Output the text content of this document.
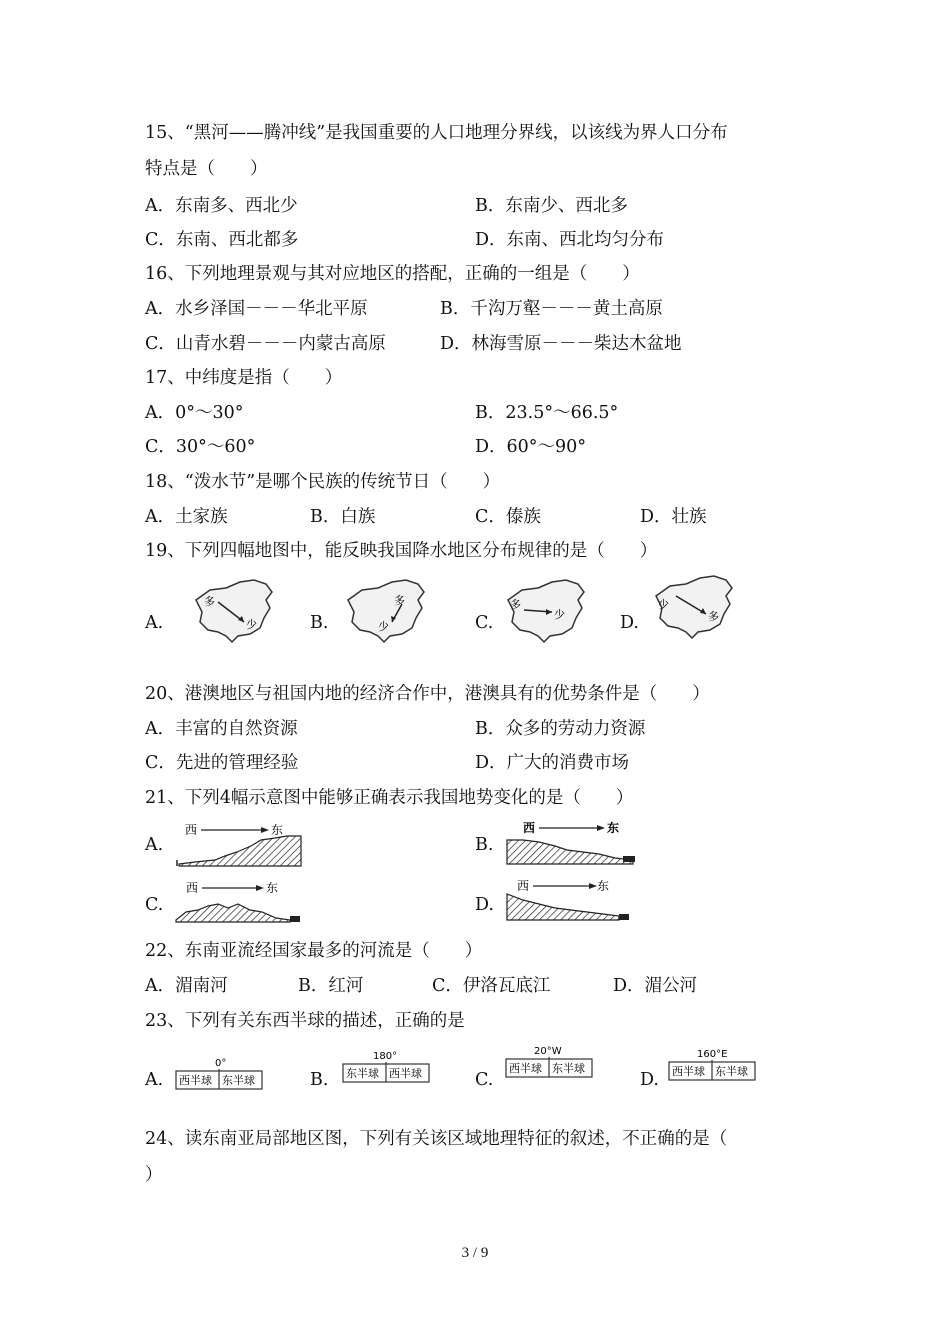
15、“黑河——腾冲线”是我国重要的人口地理分界线，以该线为界人口分布
特点是（　　）
A．东南多、西北少	B．东南少、西北多
C．东南、西北都多	D．东南、西北均匀分布
16、下列地理景观与其对应地区的搭配，正确的一组是（　　）
A．水乡泽国－－－华北平原	B．千沟万壑－－－黄土高原
C．山青水碧－－－内蒙古高原	D．林海雪原－－－柴达木盆地
17、中纬度是指（　　）
A．0°～30°	B．23.5°～66.5°
C．30°～60°	D．60°～90°
18、“泼水节”是哪个民族的传统节日（　　）
A．土家族	B．白族	C．傣族	D．壮族
19、下列四幅地图中，能反映我国降水地区分布规律的是（　　）
A.	B.	C.	D.
多
少
多
少
多
少
少
多
20、港澳地区与祖国内地的经济合作中，港澳具有的优势条件是（　　）
A．丰富的自然资源	B．众多的劳动力资源
C．先进的管理经验	D．广大的消费市场
21、下列4幅示意图中能够正确表示我国地势变化的是（　　）
A.	B.
C.	D.
西	东	西	东
西	东	西	东
22、东南亚流经国家最多的河流是（　　）
A．湄南河	B．红河	C．伊洛瓦底江	D．湄公河
23、下列有关东西半球的描述，正确的是
A.	B.	C.	D.
0°
西半球 东半球
180°
东半球 西半球
20°W
西半球 东半球
160°E
西半球 东半球
24、读东南亚局部地区图，下列有关该区域地理特征的叙述，不正确的是（
）
3 / 9
